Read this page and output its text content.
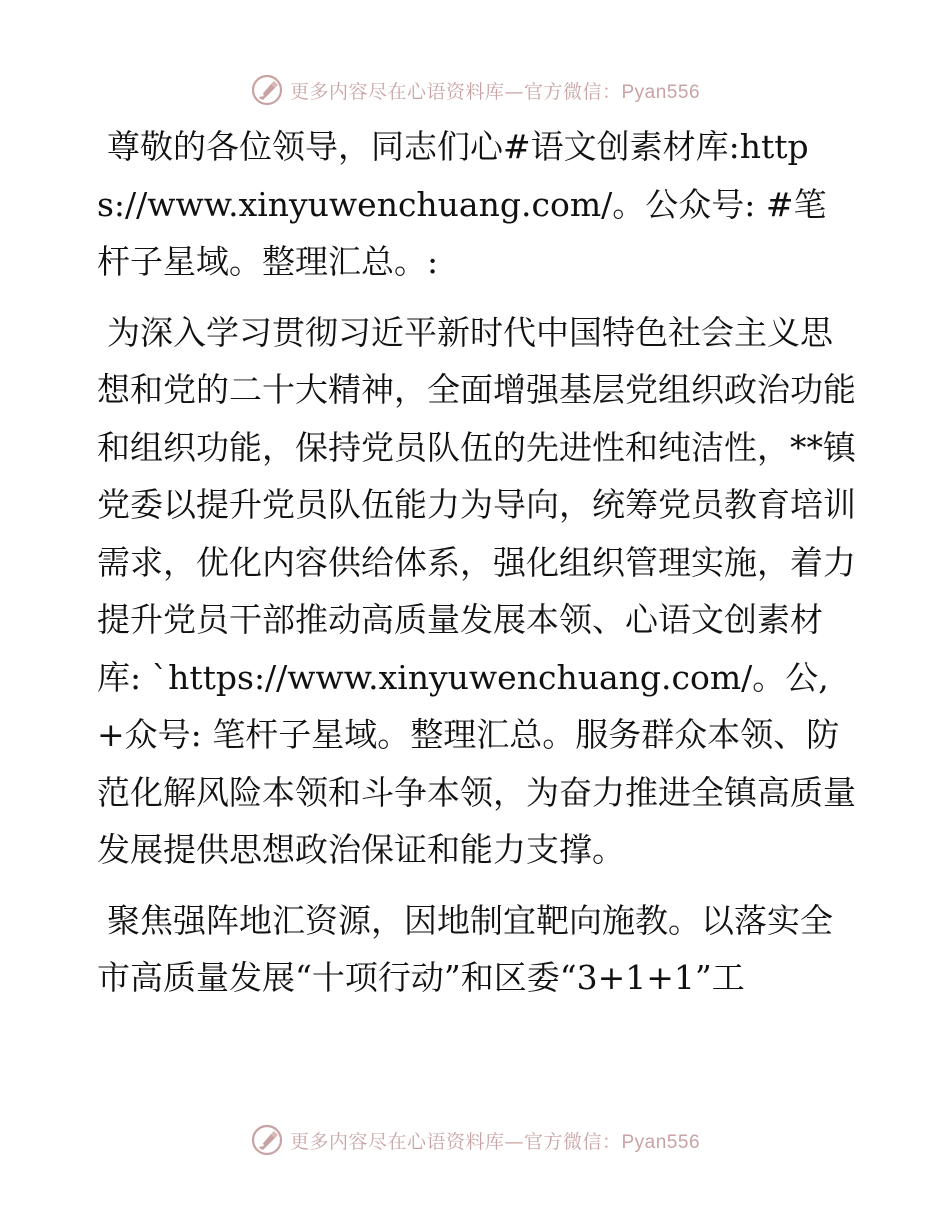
更多内容尽在心语资料库—官方微信：Pyan556

尊敬的各位领导，同志们心#语文创素材库:https://www.xinyuwenchuang.com/。公众号: #笔杆子星域。整理汇总。:

为深入学习贯彻习近平新时代中国特色社会主义思想和党的二十大精神，全面增强基层党组织政治功能和组织功能，保持党员队伍的先进性和纯洁性，**镇党委以提升党员队伍能力为导向，统筹党员教育培训需求，优化内容供给体系，强化组织管理实施，着力提升党员干部推动高质量发展本领、心语文创素材库: `https://www.xinyuwenchuang.com/。公,+众号: 笔杆子星域。整理汇总。服务群众本领、防范化解风险本领和斗争本领，为奋力推进全镇高质量发展提供思想政治保证和能力支撑。

聚焦强阵地汇资源，因地制宜靶向施教。以落实全市高质量发展“十项行动”和区委“3+1+1”工

更多内容尽在心语资料库—官方微信：Pyan556
